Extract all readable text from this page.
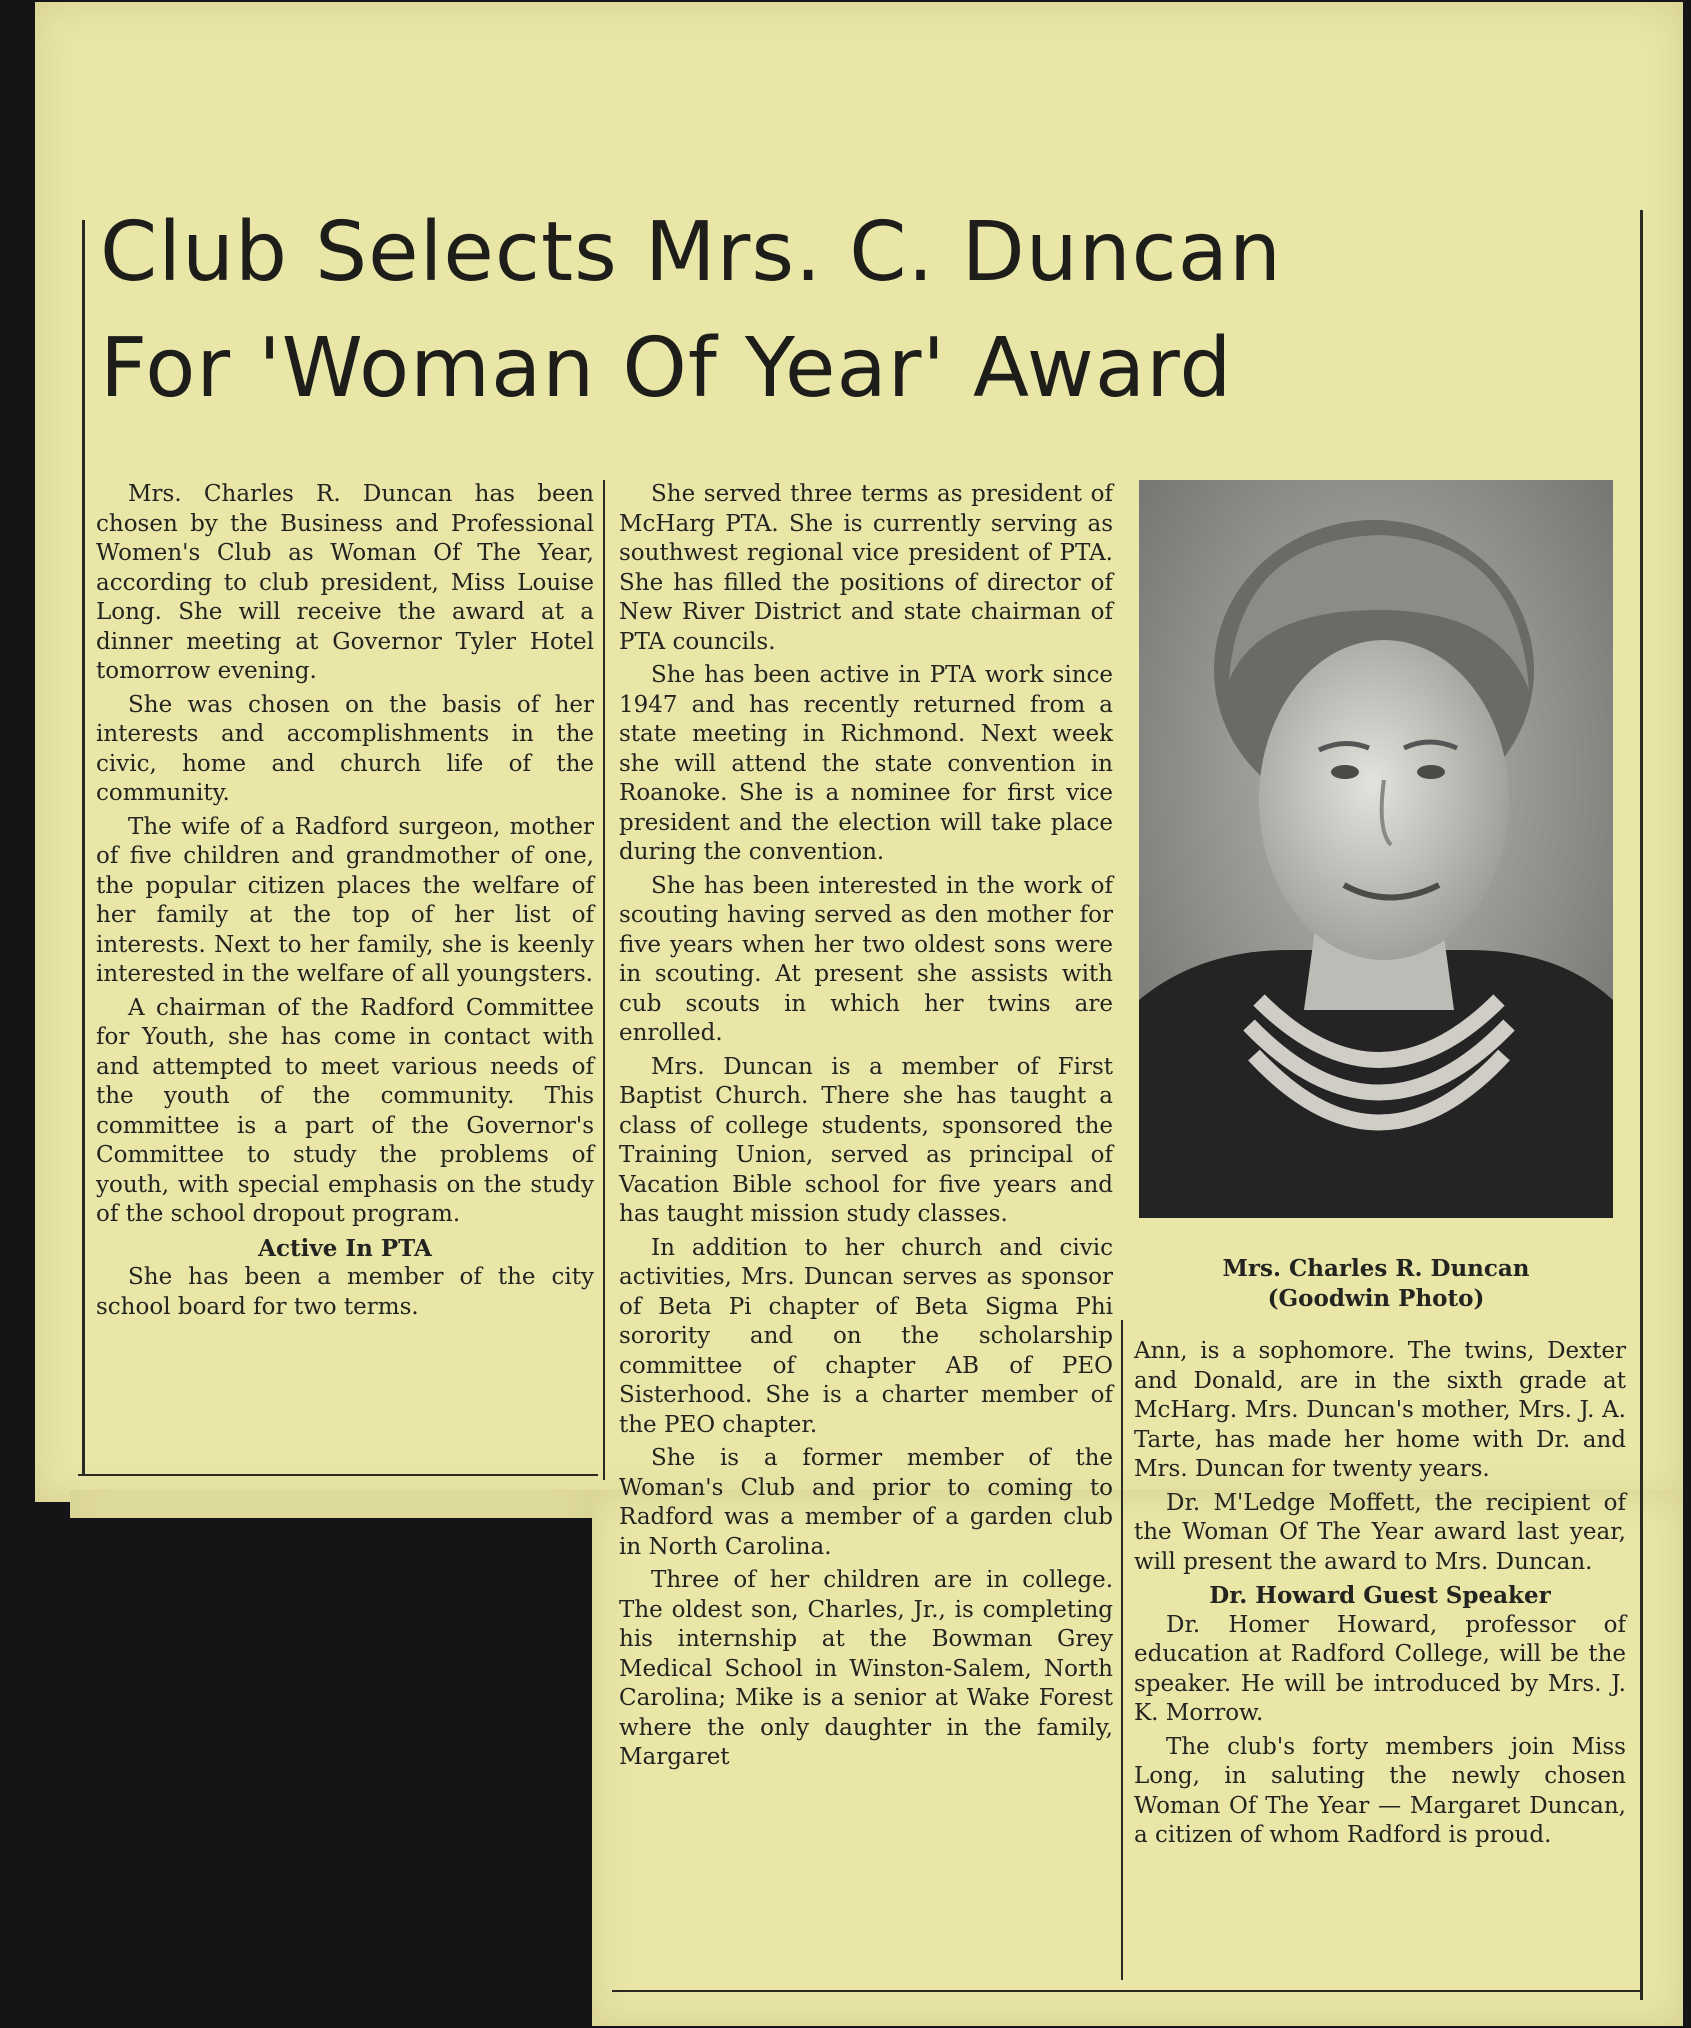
Club Selects Mrs. C. Duncan
For 'Woman Of Year' Award

Mrs. Charles R. Duncan has been chosen by the Business and Professional Women's Club as Woman Of The Year, according to club president, Miss Louise Long. She will receive the award at a dinner meeting at Governor Tyler Hotel tomorrow evening.

She was chosen on the basis of her interests and accomplishments in the civic, home and church life of the community.

The wife of a Radford surgeon, mother of five children and grandmother of one, the popular citizen places the welfare of her family at the top of her list of interests. Next to her family, she is keenly interested in the welfare of all youngsters.

A chairman of the Radford Committee for Youth, she has come in contact with and attempted to meet various needs of the youth of the community. This committee is a part of the Governor's Committee to study the problems of youth, with special emphasis on the study of the school dropout program.

Active In PTA

She has been a member of the city school board for two terms.

She served three terms as president of McHarg PTA. She is currently serving as southwest regional vice president of PTA. She has filled the positions of director of New River District and state chairman of PTA councils.

She has been active in PTA work since 1947 and has recently returned from a state meeting in Richmond. Next week she will attend the state convention in Roanoke. She is a nominee for first vice president and the election will take place during the convention.

She has been interested in the work of scouting having served as den mother for five years when her two oldest sons were in scouting. At present she assists with cub scouts in which her twins are enrolled.

Mrs. Duncan is a member of First Baptist Church. There she has taught a class of college students, sponsored the Training Union, served as principal of Vacation Bible school for five years and has taught mission study classes.

In addition to her church and civic activities, Mrs. Duncan serves as sponsor of Beta Pi chapter of Beta Sigma Phi sorority and on the scholarship committee of chapter AB of PEO Sisterhood. She is a charter member of the PEO chapter.

She is a former member of the Woman's Club and prior to coming to Radford was a member of a garden club in North Carolina.

Three of her children are in college. The oldest son, Charles, Jr., is completing his internship at the Bowman Grey Medical School in Winston-Salem, North Carolina; Mike is a senior at Wake Forest where the only daughter in the family, Margaret

Mrs. Charles R. Duncan
(Goodwin Photo)

Ann, is a sophomore. The twins, Dexter and Donald, are in the sixth grade at McHarg. Mrs. Duncan's mother, Mrs. J. A. Tarte, has made her home with Dr. and Mrs. Duncan for twenty years.

Dr. M'Ledge Moffett, the recipient of the Woman Of The Year award last year, will present the award to Mrs. Duncan.

Dr. Howard Guest Speaker

Dr. Homer Howard, professor of education at Radford College, will be the speaker. He will be introduced by Mrs. J. K. Morrow.

The club's forty members join Miss Long, in saluting the newly chosen Woman Of The Year — Margaret Duncan, a citizen of whom Radford is proud.
